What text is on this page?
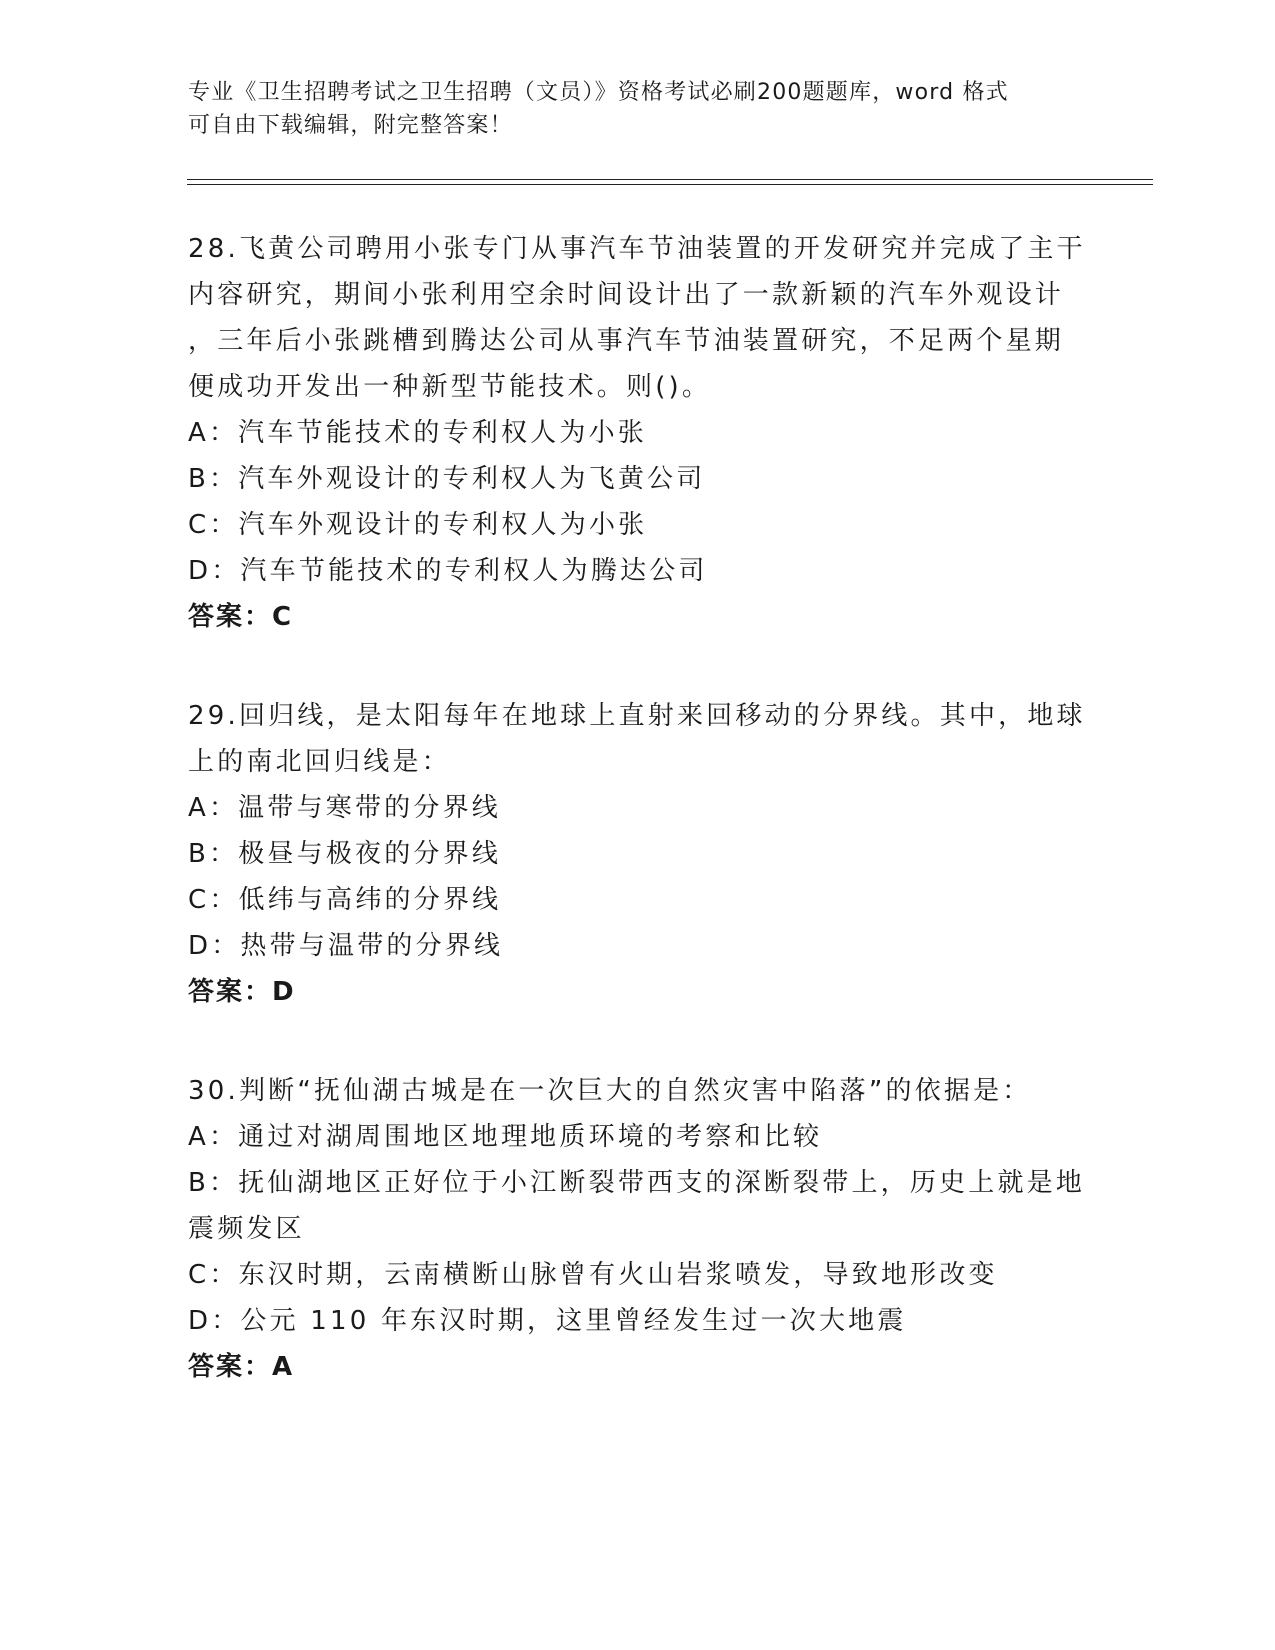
专业《卫生招聘考试之卫生招聘（文员）》资格考试必刷200题题库，word 格式
可自由下载编辑，附完整答案！
28.飞黄公司聘用小张专门从事汽车节油装置的开发研究并完成了主干
内容研究，期间小张利用空余时间设计出了一款新颖的汽车外观设计
，三年后小张跳槽到腾达公司从事汽车节油装置研究，不足两个星期
便成功开发出一种新型节能技术。则()。
A：汽车节能技术的专利权人为小张
B：汽车外观设计的专利权人为飞黄公司
C：汽车外观设计的专利权人为小张
D：汽车节能技术的专利权人为腾达公司
答案：C
29.回归线，是太阳每年在地球上直射来回移动的分界线。其中，地球
上的南北回归线是：
A：温带与寒带的分界线
B：极昼与极夜的分界线
C：低纬与高纬的分界线
D：热带与温带的分界线
答案：D
30.判断“抚仙湖古城是在一次巨大的自然灾害中陷落”的依据是：
A：通过对湖周围地区地理地质环境的考察和比较
B：抚仙湖地区正好位于小江断裂带西支的深断裂带上，历史上就是地
震频发区
C：东汉时期，云南横断山脉曾有火山岩浆喷发，导致地形改变
D：公元 110 年东汉时期，这里曾经发生过一次大地震
答案：A
